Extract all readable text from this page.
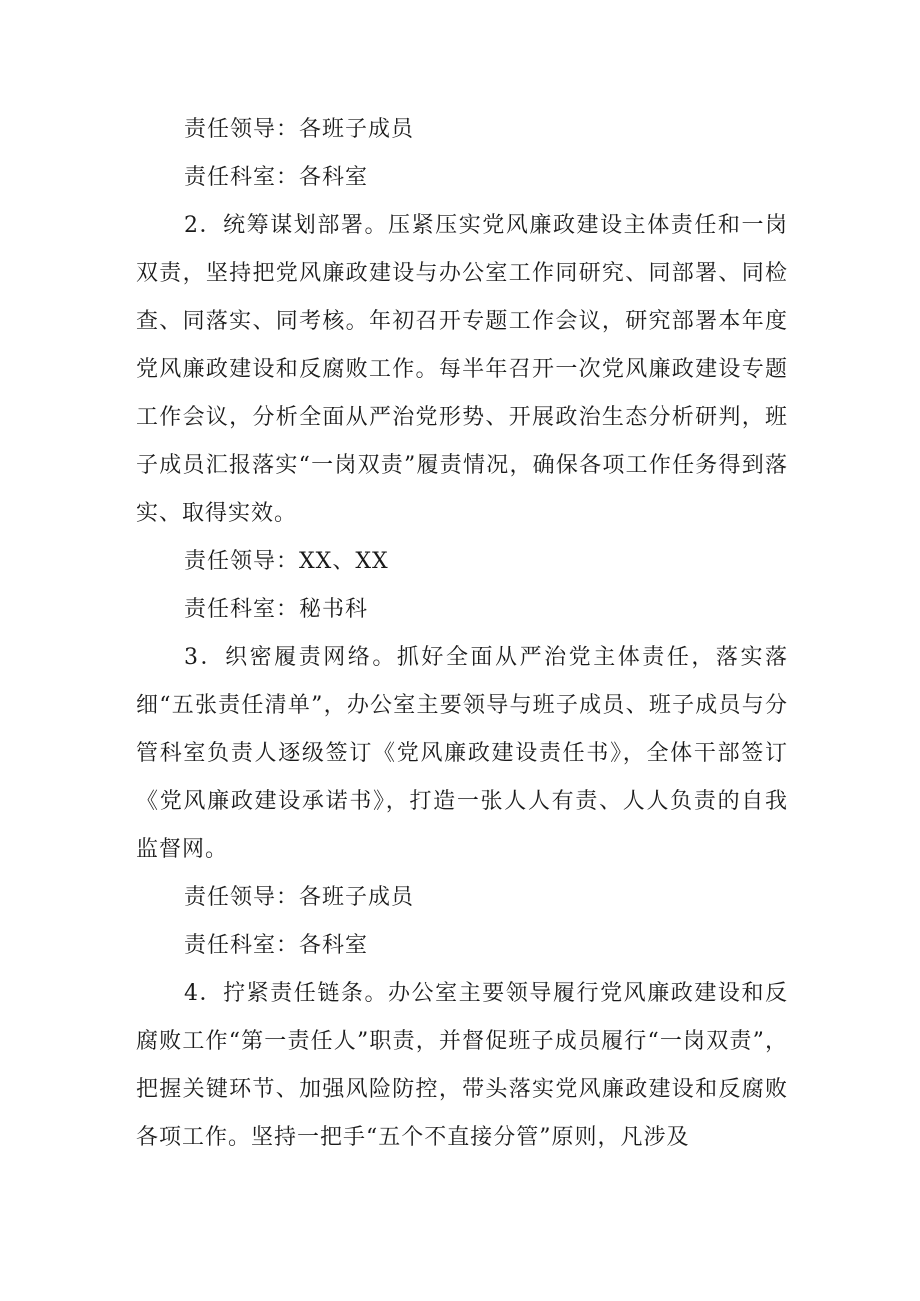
责任领导：各班子成员

责任科室：各科室

2．统筹谋划部署。压紧压实党风廉政建设主体责任和一岗双责，坚持把党风廉政建设与办公室工作同研究、同部署、同检查、同落实、同考核。年初召开专题工作会议，研究部署本年度党风廉政建设和反腐败工作。每半年召开一次党风廉政建设专题工作会议，分析全面从严治党形势、开展政治生态分析研判，班子成员汇报落实“一岗双责”履责情况，确保各项工作任务得到落实、取得实效。

责任领导：XX、XX

责任科室：秘书科

3．织密履责网络。抓好全面从严治党主体责任，落实落细“五张责任清单”，办公室主要领导与班子成员、班子成员与分管科室负责人逐级签订《党风廉政建设责任书》，全体干部签订《党风廉政建设承诺书》，打造一张人人有责、人人负责的自我监督网。

责任领导：各班子成员

责任科室：各科室

4．拧紧责任链条。办公室主要领导履行党风廉政建设和反腐败工作“第一责任人”职责，并督促班子成员履行“一岗双责”，把握关键环节、加强风险防控，带头落实党风廉政建设和反腐败各项工作。坚持一把手“五个不直接分管”原则，凡涉及
